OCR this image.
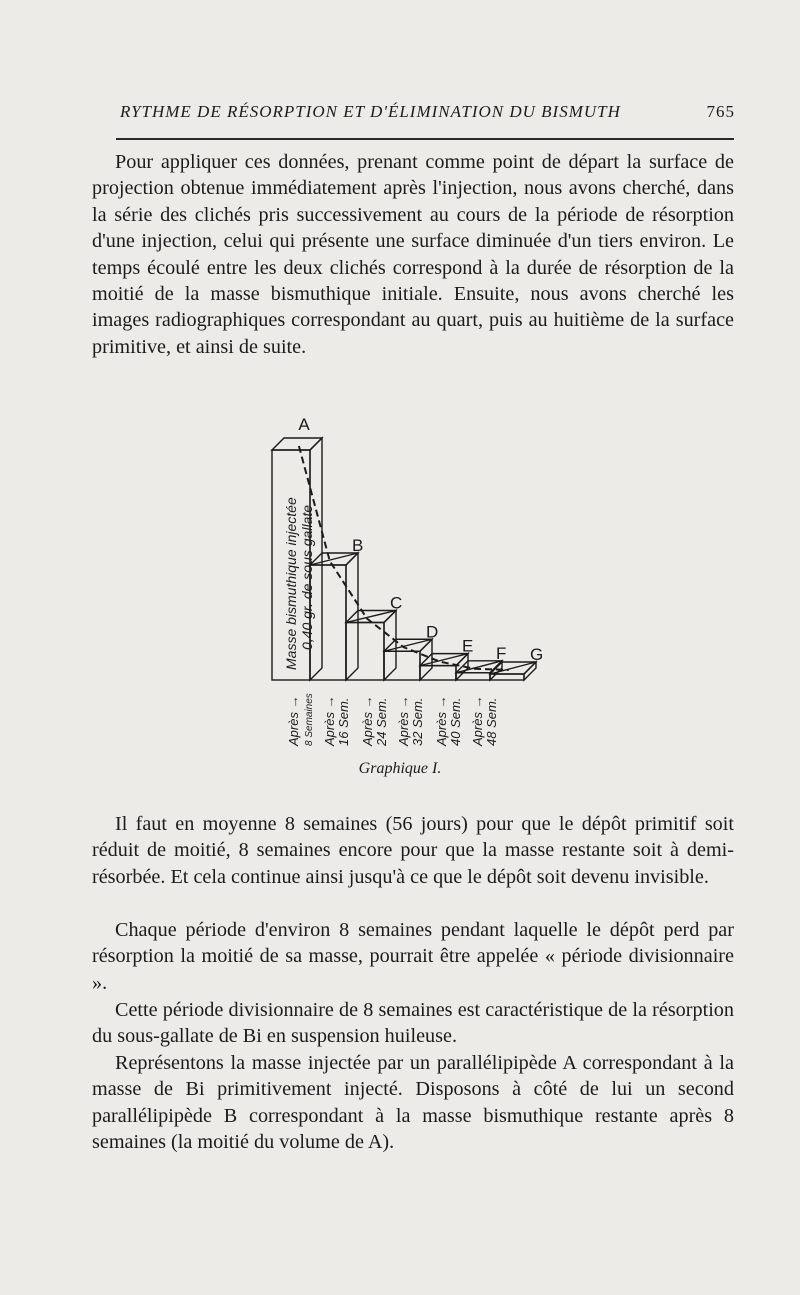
RYTHME DE RÉSORPTION ET D'ÉLIMINATION DU BISMUTH	765

Pour appliquer ces données, prenant comme point de départ la surface de projection obtenue immédiatement après l'injection, nous avons cherché, dans la série des clichés pris successivement au cours de la période de résorption d'une injection, celui qui présente une surface diminuée d'un tiers environ. Le temps écoulé entre les deux clichés correspond à la durée de résorption de la moitié de la masse bismuthique initiale. Ensuite, nous avons cherché les images radiographiques correspondant au quart, puis au huitième de la surface primitive, et ainsi de suite.

A
B
C
D
E F G
Masse bismuthique injectée 0,40 gr. de sous gallate
Après → 8 Semaines Après → 16 Sem. Après → 24 Sem. Après → 32 Sem. Après → 40 Sem. Après → 48 Sem.
Graphique I.

Il faut en moyenne 8 semaines (56 jours) pour que le dépôt primitif soit réduit de moitié, 8 semaines encore pour que la masse restante soit à demi-résorbée. Et cela continue ainsi jusqu'à ce que le dépôt soit devenu invisible.

Chaque période d'environ 8 semaines pendant laquelle le dépôt perd par résorption la moitié de sa masse, pourrait être appelée « période divisionnaire ».

Cette période divisionnaire de 8 semaines est caractéristique de la résorption du sous-gallate de Bi en suspension huileuse.

Représentons la masse injectée par un parallélipipède A correspondant à la masse de Bi primitivement injecté. Disposons à côté de lui un second parallélipipède B correspondant à la masse bismuthique restante après 8 semaines (la moitié du volume de A).
